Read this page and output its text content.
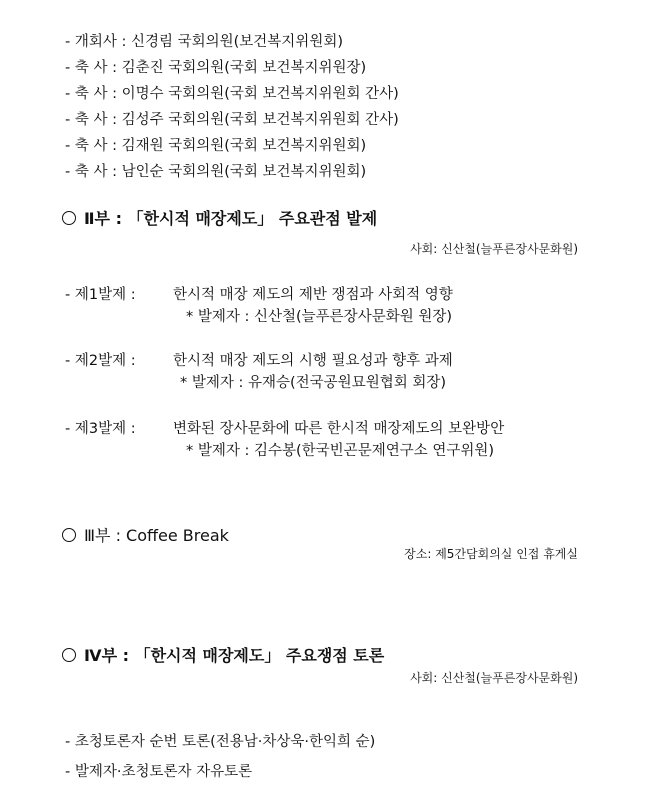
- 개회사 : 신경림 국회의원(보건복지위원회)
- 축 사 : 김춘진 국회의원(국회 보건복지위원장)
- 축 사 : 이명수 국회의원(국회 보건복지위원회 간사)
- 축 사 : 김성주 국회의원(국회 보건복지위원회 간사)
- 축 사 : 김재원 국회의원(국회 보건복지위원회)
- 축 사 : 남인순 국회의원(국회 보건복지위원회)
Ⅱ부 : 「한시적 매장제도」 주요관점 발제
사회: 신산철(늘푸른장사문화원)
- 제1발제 :	한시적 매장 제도의 제반 쟁점과 사회적 영향
* 발제자 : 신산철(늘푸른장사문화원 원장)
- 제2발제 :	한시적 매장 제도의 시행 필요성과 향후 과제
* 발제자 : 유재승(전국공원묘원협회 회장)
- 제3발제 :	변화된 장사문화에 따른 한시적 매장제도의 보완방안
* 발제자 : 김수봉(한국빈곤문제연구소 연구위원)
Ⅲ부 : Coffee Break
장소: 제5간담회의실 인접 휴게실
Ⅳ부 : 「한시적 매장제도」 주요쟁점 토론
사회: 신산철(늘푸른장사문화원)
- 초청토론자 순번 토론(전용남·차상욱·한익희 순)
- 발제자·초청토론자 자유토론
